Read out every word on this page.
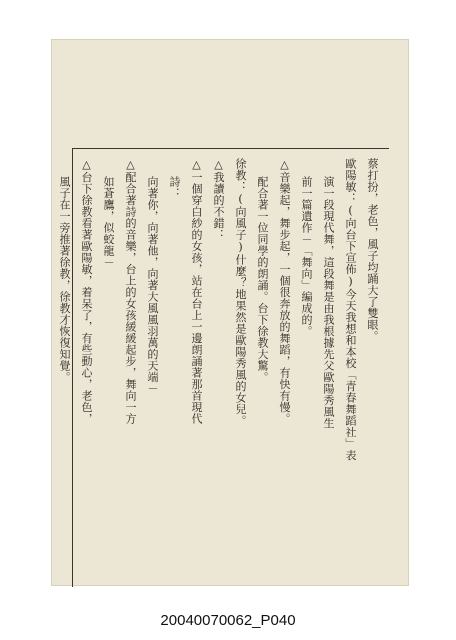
蔡打扮，老色，風子均踊大了雙眼。
歐陽敏：(向台下宣佈)今天我想和本校「青春舞蹈社」表
演一段現代舞，這段舞是由我根據先父歐陽秀風生
前一篇遺作－「舞向」編成的。
△音樂起，舞步起，一個很奔放的舞蹈，有快有慢。
配合著一位同學的朗誦。台下徐教大驚。
徐教：(向風子)什麼？地果然是歐陽秀風的女兒。
△我讀的不錯：
△一個穿白紗的女孩，站在台上一邊朗誦著那首現代
詩：
向著你，向著他，向著大風風羽萬的天端－
△配合著詩的音樂，台上的女孩緩緩起步，舞向一方
如蒼鷹，似蛟龍－
△台下徐教看著歐陽敏，着呆了，有些動心，老色，
風子在一旁推著徐教，徐教才恢復知覺。
20040070062_P040
